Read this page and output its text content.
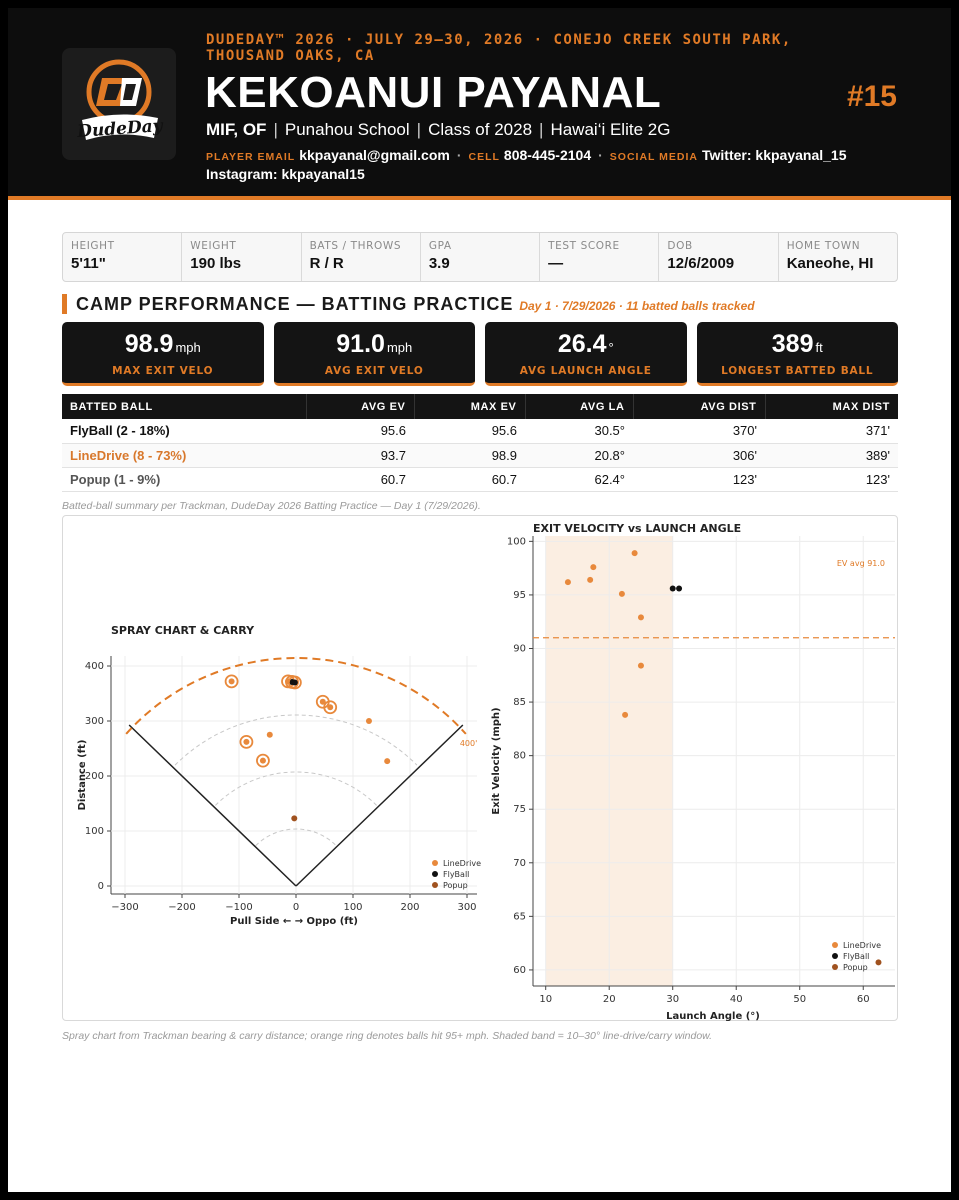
DudeDay
DUDEDAY™ 2026 · JULY 29–30, 2026 · CONEJO CREEK SOUTH PARK, THOUSAND OAKS, CA
KEKOANUI PAYANAL	#15
MIF, OF | Punahou School | Class of 2028 | Hawai‘i Elite 2G
PLAYER EMAIL kkpayanal@gmail.com · CELL 808-445-2104 · SOCIAL MEDIA Twitter: kkpayanal_15
Instagram: kkpayanal15
HEIGHT
5'11"
WEIGHT
190 lbs
BATS / THROWS
R / R
GPA
3.9
TEST SCORE
—
DOB
12/6/2009
HOME TOWN
Kaneohe, HI
CAMP PERFORMANCE — BATTING PRACTICE Day 1 · 7/29/2026 · 11 batted balls tracked
98.9 mph
MAX EXIT VELO
91.0 mph
AVG EXIT VELO
26.4 °
AVG LAUNCH ANGLE
389 ft
LONGEST BATTED BALL
BATTED BALL	AVG EV	MAX EV	AVG LA	AVG DIST	MAX DIST
FlyBall (2 - 18%)	95.6	95.6	30.5°	370'	371'
LineDrive (8 - 73%)	93.7	98.9	20.8°	306'	389'
Popup (1 - 9%)	60.7	60.7	62.4°	123'	123'
Batted-ball summary per Trackman, DudeDay 2026 Batting Practice — Day 1 (7/29/2026).
SPRAY CHART & CARRY
−300	−200	−100	0	100	200	300
0
100
200
300
400
Pull Side ← → Oppo (ft)
Distance (ft)	400'
LineDrive
FlyBall
Popup
EXIT VELOCITY vs LAUNCH ANGLE
10	20	30	40	50	60
60
65
70
75
80
85
90
95
100
EV avg 91.0
Launch Angle (°)
Exit Velocity (mph)
LineDrive
FlyBall
Popup
Spray chart from Trackman bearing & carry distance; orange ring denotes balls hit 95+ mph. Shaded band = 10–30° line-drive/carry window.
